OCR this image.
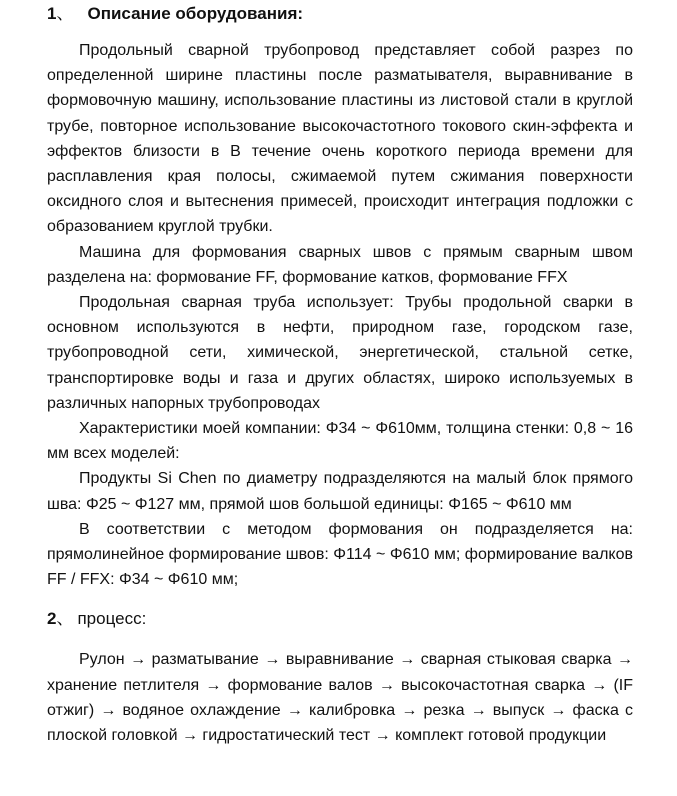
1、 Описание оборудования:

Продольный сварной трубопровод представляет собой разрез по определенной ширине пластины после разматывателя, выравнивание в формовочную машину, использование пластины из листовой стали в круглой трубе, повторное использование высокочастотного токового скин-эффекта и эффектов близости в В течение очень короткого периода времени для расплавления края полосы, сжимаемой путем сжимания поверхности оксидного слоя и вытеснения примесей, происходит интеграция подложки с образованием круглой трубки.

Машина для формования сварных швов с прямым сварным швом разделена на: формование FF, формование катков, формование FFX

Продольная сварная труба использует: Трубы продольной сварки в основном используются в нефти, природном газе, городском газе, трубопроводной сети, химической, энергетической, стальной сетке, транспортировке воды и газа и других областях, широко используемых в различных напорных трубопроводах

Характеристики моей компании: Φ34 ~ Φ610мм, толщина стенки: 0,8 ~ 16 мм всех моделей:

Продукты Si Chen по диаметру подразделяются на малый блок прямого шва: Φ25 ~ Φ127 мм, прямой шов большой единицы: Φ165 ~ Φ610 мм

В соответствии с методом формования он подразделяется на: прямолинейное формирование швов: Φ114 ~ Φ610 мм; формирование валков FF / FFX: Φ34 ~ Φ610 мм;

2、 процесс:

Рулон → разматывание → выравнивание → сварная стыковая сварка → хранение петлителя → формование валов → высокочастотная сварка → (IF отжиг) → водяное охлаждение → калибровка → резка → выпуск → фаска с плоской головкой → гидростатический тест → комплект готовой продукции
